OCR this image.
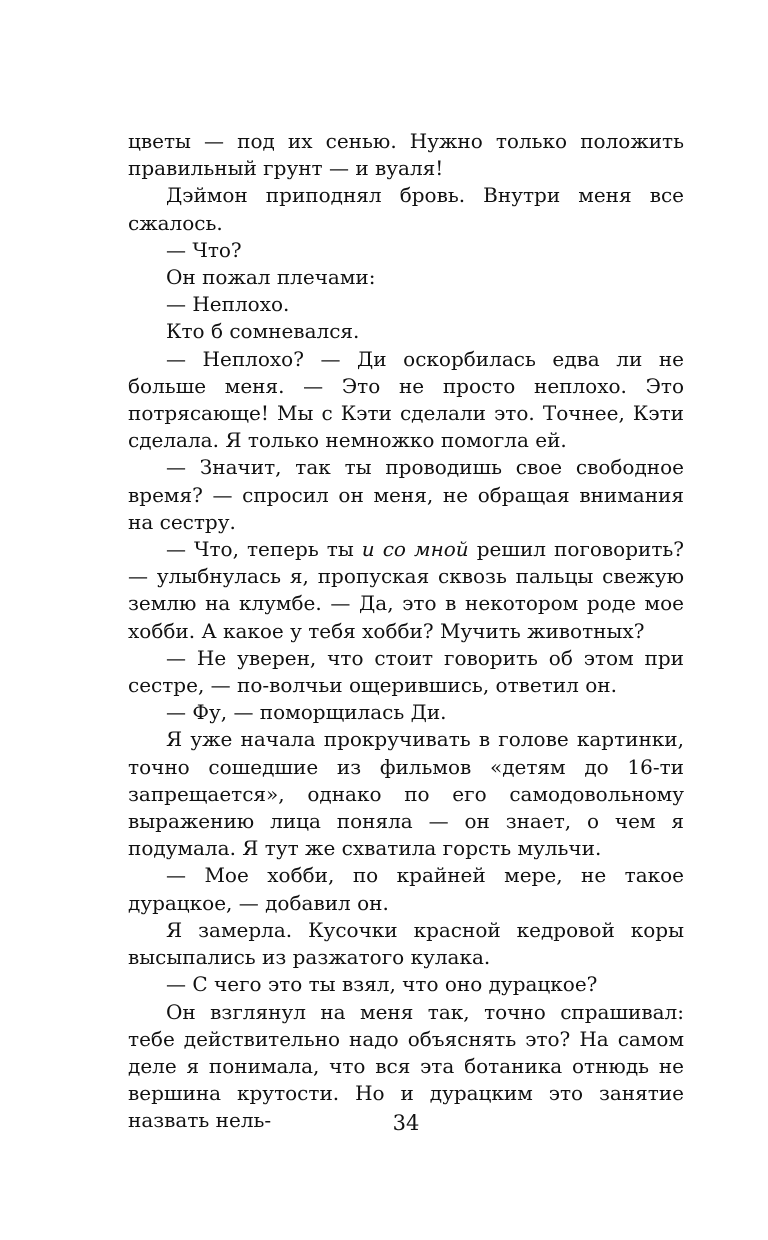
цветы — под их сенью. Нужно только положить правильный грунт — и вуаля!

Дэймон приподнял бровь. Внутри меня все сжалось.

— Что?

Он пожал плечами:

— Неплохо.

Кто б сомневался.

— Неплохо? — Ди оскорбилась едва ли не больше меня. — Это не просто неплохо. Это потрясающе! Мы с Кэти сделали это. Точнее, Кэти сделала. Я только немножко помогла ей.

— Значит, так ты проводишь свое свободное время? — спросил он меня, не обращая внимания на сестру.

— Что, теперь ты и со мной решил поговорить? — улыбнулась я, пропуская сквозь пальцы свежую землю на клумбе. — Да, это в некотором роде мое хобби. А какое у тебя хобби? Мучить животных?

— Не уверен, что стоит говорить об этом при сестре, — по-волчьи ощерившись, ответил он.

— Фу, — поморщилась Ди.

Я уже начала прокручивать в голове картинки, точно сошедшие из фильмов «детям до 16-ти запрещается», однако по его самодовольному выражению лица поняла — он знает, о чем я подумала. Я тут же схватила горсть мульчи.

— Мое хобби, по крайней мере, не такое дурацкое, — добавил он.

Я замерла. Кусочки красной кедровой коры высыпались из разжатого кулака.

— С чего это ты взял, что оно дурацкое?

Он взглянул на меня так, точно спрашивал: тебе действительно надо объяснять это? На самом деле я понимала, что вся эта ботаника отнюдь не вершина крутости. Но и дурацким это занятие назвать нель-	34
